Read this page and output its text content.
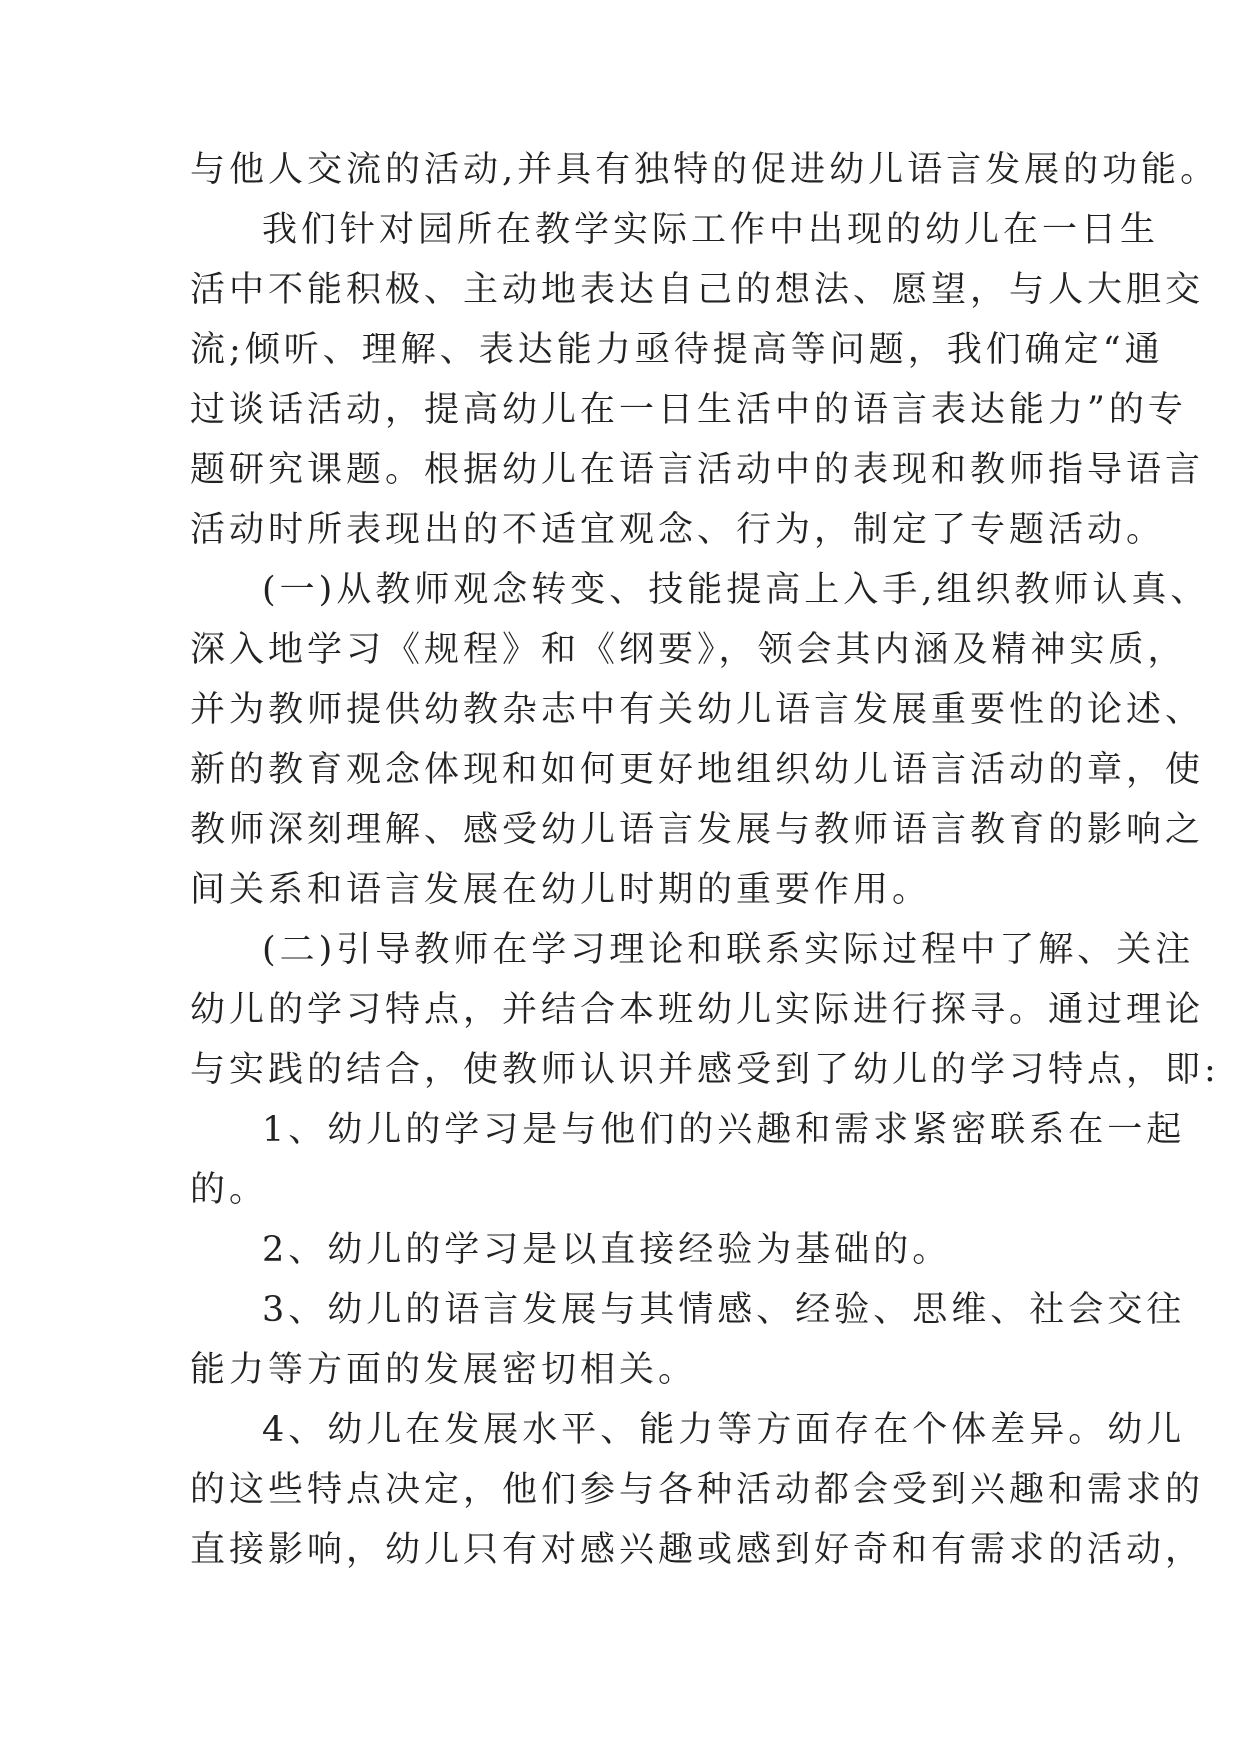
与他人交流的活动,并具有独特的促进幼儿语言发展的功能。
我们针对园所在教学实际工作中出现的幼儿在一日生
活中不能积极、主动地表达自己的想法、愿望，与人大胆交
流;倾听、理解、表达能力亟待提高等问题，我们确定“通
过谈话活动，提高幼儿在一日生活中的语言表达能力”的专
题研究课题。根据幼儿在语言活动中的表现和教师指导语言
活动时所表现出的不适宜观念、行为，制定了专题活动。
(一)从教师观念转变、技能提高上入手,组织教师认真、
深入地学习《规程》和《纲要》，领会其内涵及精神实质，
并为教师提供幼教杂志中有关幼儿语言发展重要性的论述、
新的教育观念体现和如何更好地组织幼儿语言活动的章，使
教师深刻理解、感受幼儿语言发展与教师语言教育的影响之
间关系和语言发展在幼儿时期的重要作用。
(二)引导教师在学习理论和联系实际过程中了解、关注
幼儿的学习特点，并结合本班幼儿实际进行探寻。通过理论
与实践的结合，使教师认识并感受到了幼儿的学习特点，即:
1、幼儿的学习是与他们的兴趣和需求紧密联系在一起
的。
2、幼儿的学习是以直接经验为基础的。
3、幼儿的语言发展与其情感、经验、思维、社会交往
能力等方面的发展密切相关。
4、幼儿在发展水平、能力等方面存在个体差异。幼儿
的这些特点决定，他们参与各种活动都会受到兴趣和需求的
直接影响，幼儿只有对感兴趣或感到好奇和有需求的活动，
